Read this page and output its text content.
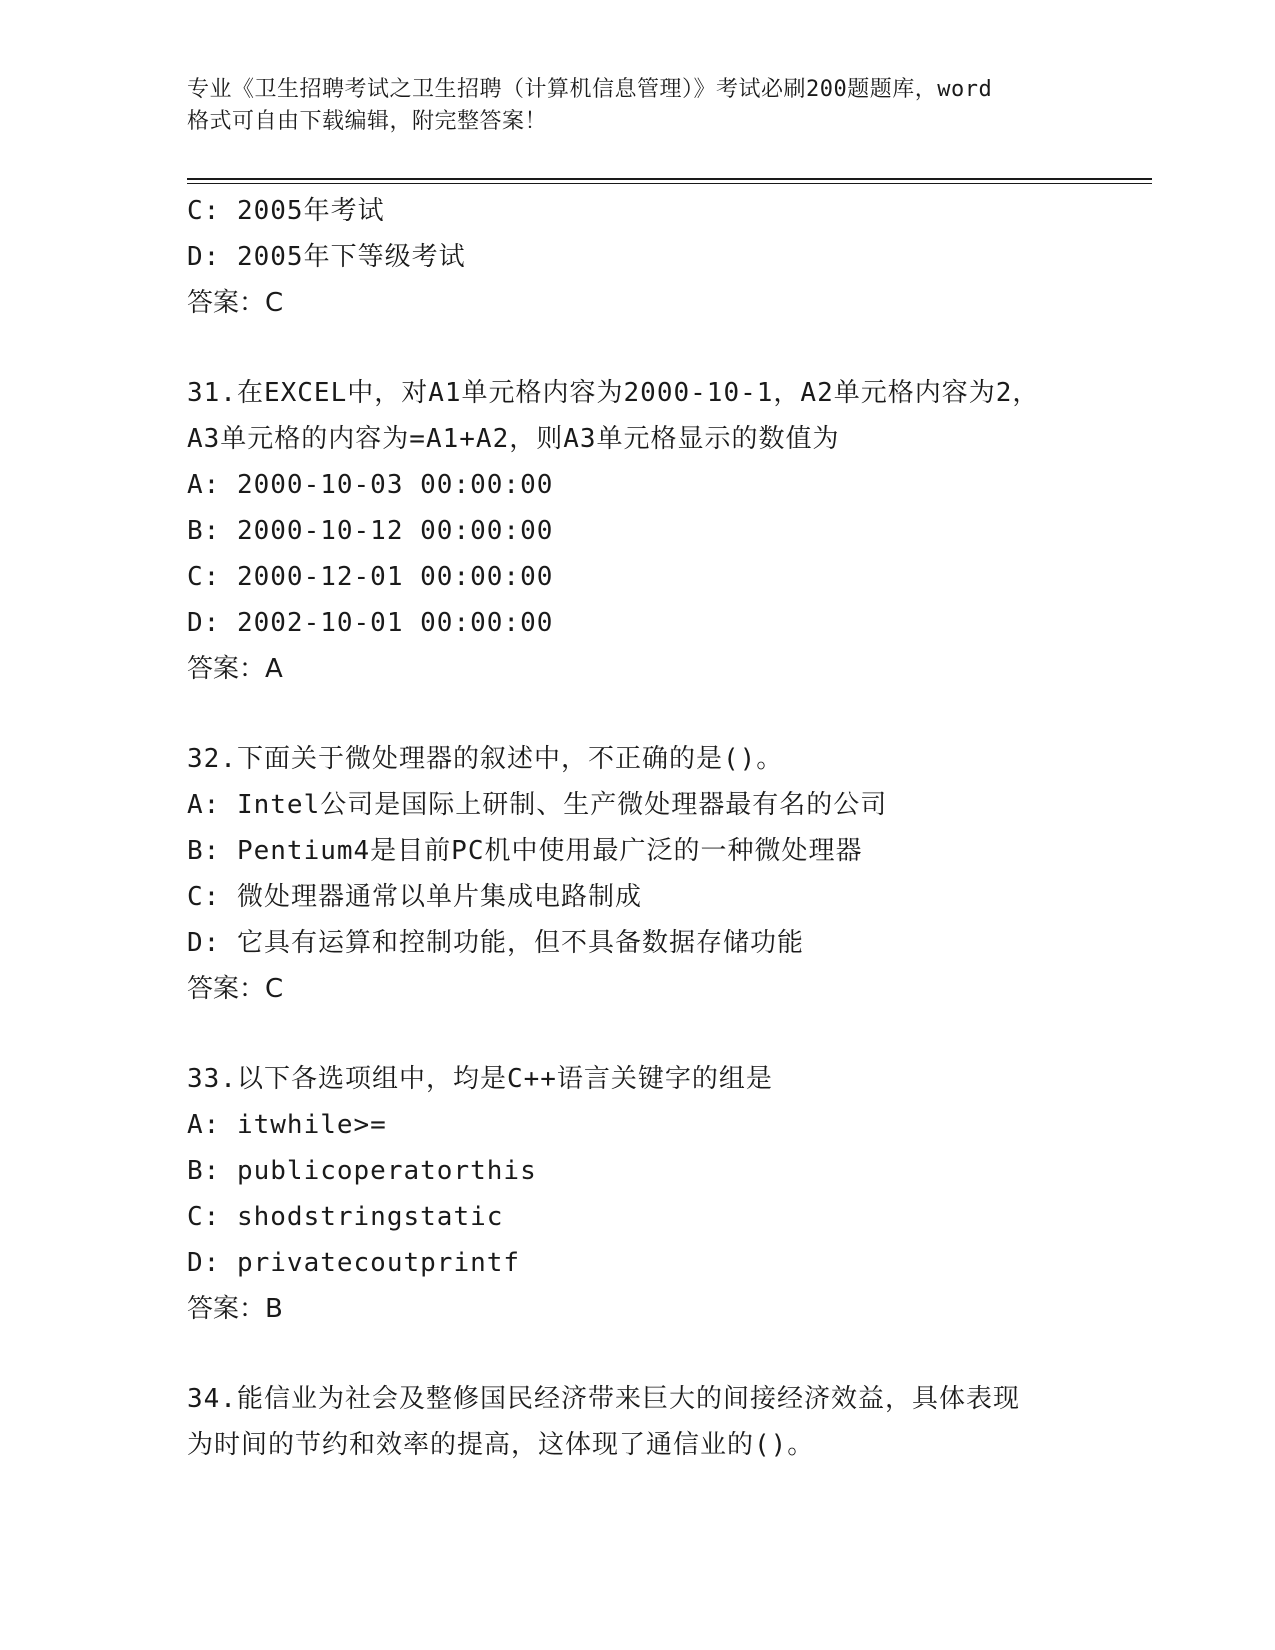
专业《卫生招聘考试之卫生招聘（计算机信息管理）》考试必刷200题题库，word
格式可自由下载编辑，附完整答案！
C: 2005年考试
D: 2005年下等级考试
答案：C
31.在EXCEL中，对A1单元格内容为2000-10-1，A2单元格内容为2，
A3单元格的内容为=A1+A2，则A3单元格显示的数值为
A: 2000-10-03 00:00:00
B: 2000-10-12 00:00:00
C: 2000-12-01 00:00:00
D: 2002-10-01 00:00:00
答案：A
32.下面关于微处理器的叙述中，不正确的是()。
A: Intel公司是国际上研制、生产微处理器最有名的公司
B: Pentium4是目前PC机中使用最广泛的一种微处理器
C: 微处理器通常以单片集成电路制成
D: 它具有运算和控制功能，但不具备数据存储功能
答案：C
33.以下各选项组中，均是C++语言关键字的组是
A: itwhile>=
B: publicoperatorthis
C: shodstringstatic
D: privatecoutprintf
答案：B
34.能信业为社会及整修国民经济带来巨大的间接经济效益，具体表现
为时间的节约和效率的提高，这体现了通信业的()。
